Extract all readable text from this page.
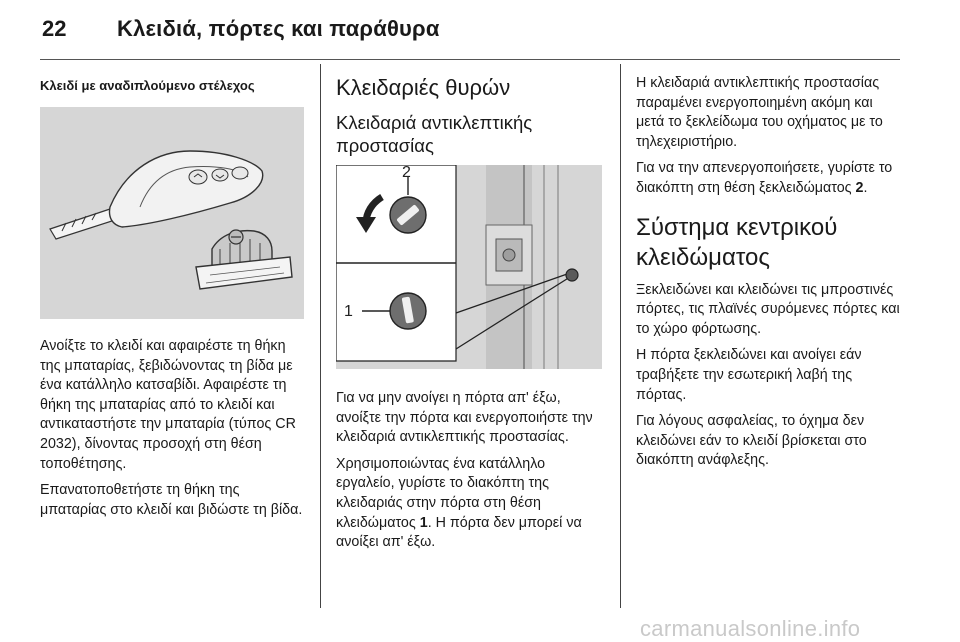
22 Κλειδιά, πόρτες και παράθυρα
Κλειδί με αναδιπλούμενο στέλεχος

Ανοίξτε το κλειδί και αφαιρέστε τη θήκη της μπαταρίας, ξεβιδώνοντας τη βίδα με ένα κατάλληλο κατσαβίδι. Αφαιρέστε τη θήκη της μπαταρίας από το κλειδί και αντικαταστήστε την μπαταρία (τύπος CR 2032), δίνοντας προσοχή στη θέση τοποθέτησης.

Επανατοποθετήστε τη θήκη της μπαταρίας στο κλειδί και βιδώστε τη βίδα.

Κλειδαριές θυρών
Κλειδαριά αντικλεπτικής προστασίας
2
1

Για να μην ανοίγει η πόρτα απ' έξω, ανοίξτε την πόρτα και ενεργοποιήστε την κλειδαριά αντικλεπτικής προστασίας.

Χρησιμοποιώντας ένα κατάλληλο εργαλείο, γυρίστε το διακόπτη της κλειδαριάς στην πόρτα στη θέση κλειδώματος 1. Η πόρτα δεν μπορεί να ανοίξει απ' έξω.

Η κλειδαριά αντικλεπτικής προστασίας παραμένει ενεργοποιημένη ακόμη και μετά το ξεκλείδωμα του οχήματος με το τηλεχειριστήριο.

Για να την απενεργοποιήσετε, γυρίστε το διακόπτη στη θέση ξεκλειδώματος 2.

Σύστημα κεντρικού κλειδώματος

Ξεκλειδώνει και κλειδώνει τις μπροστινές πόρτες, τις πλαϊνές συρόμενες πόρτες και το χώρο φόρτωσης.

Η πόρτα ξεκλειδώνει και ανοίγει εάν τραβήξετε την εσωτερική λαβή της πόρτας.

Για λόγους ασφαλείας, το όχημα δεν κλειδώνει εάν το κλειδί βρίσκεται στο διακόπτη ανάφλεξης.

carmanualsonline.info
